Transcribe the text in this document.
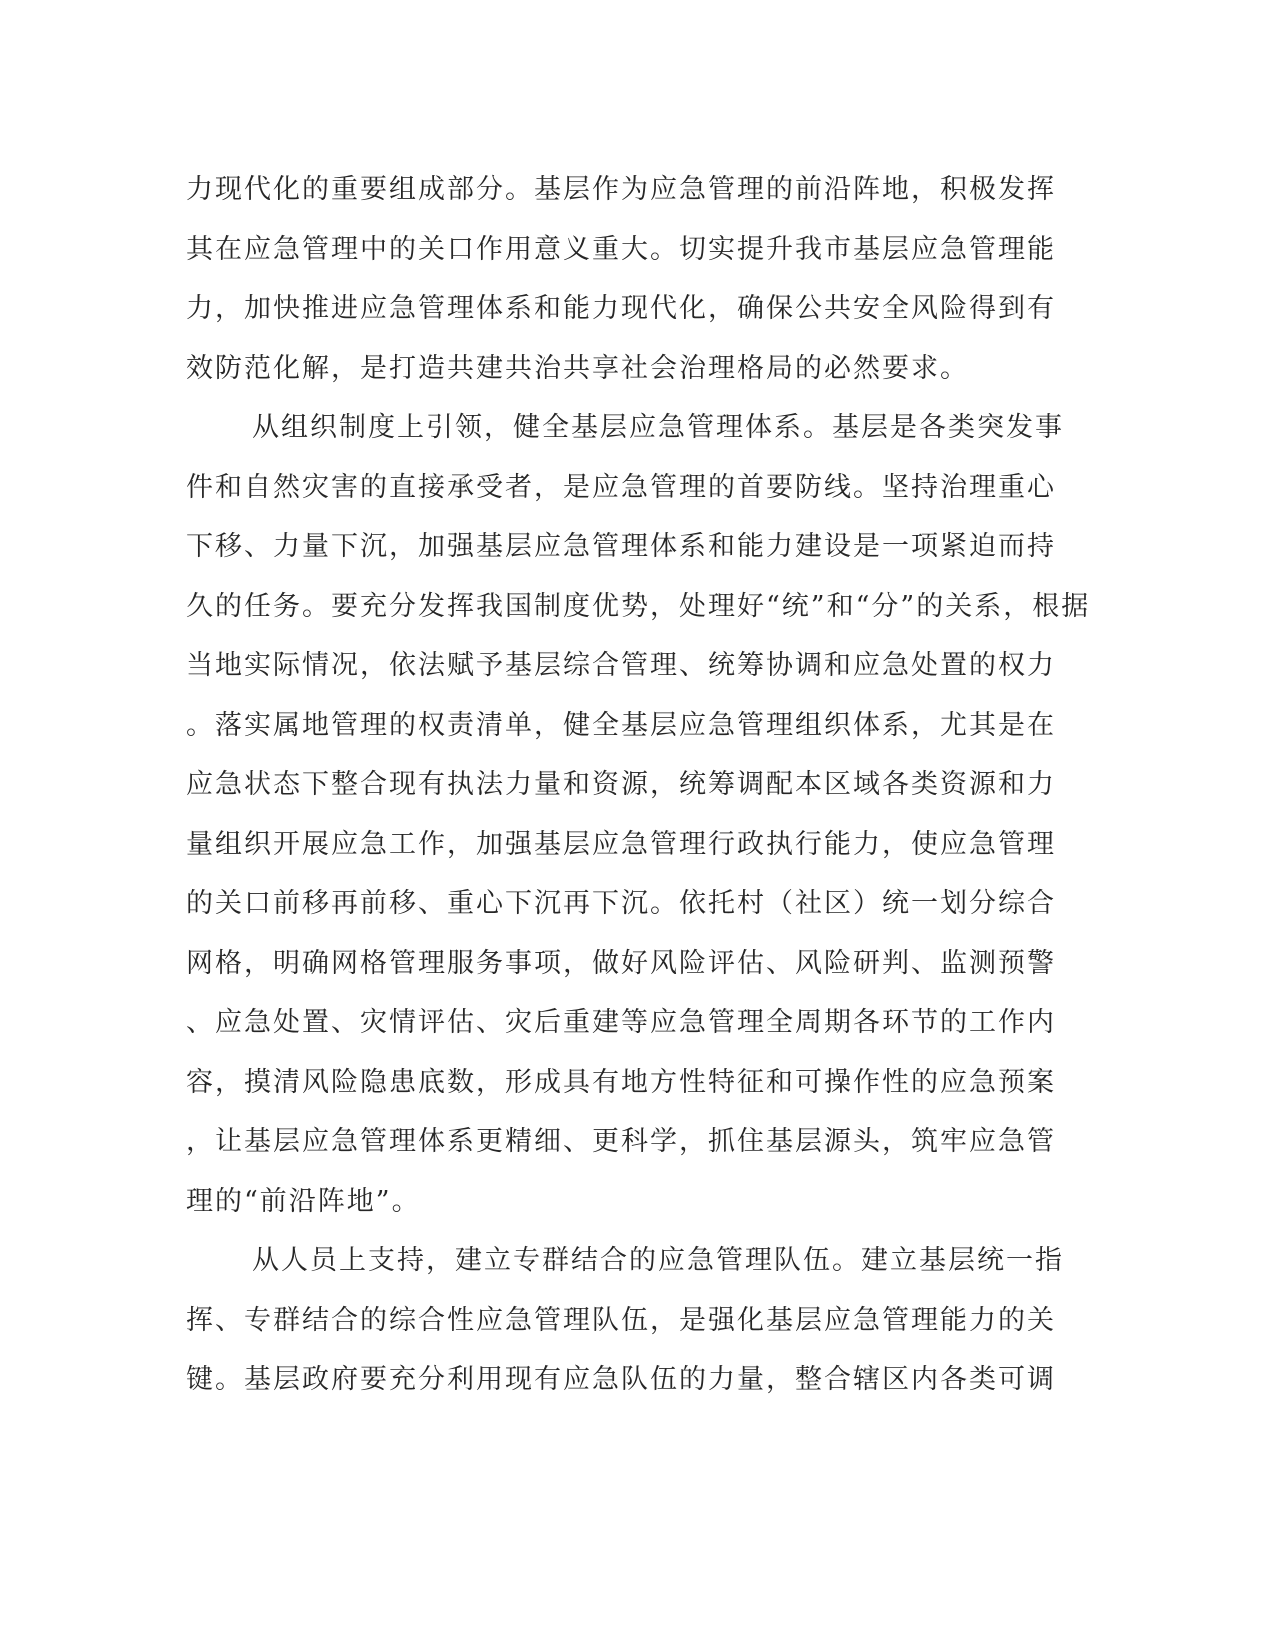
力现代化的重要组成部分。基层作为应急管理的前沿阵地，积极发挥
其在应急管理中的关口作用意义重大。切实提升我市基层应急管理能
力，加快推进应急管理体系和能力现代化，确保公共安全风险得到有
效防范化解，是打造共建共治共享社会治理格局的必然要求。
从组织制度上引领，健全基层应急管理体系。基层是各类突发事
件和自然灾害的直接承受者，是应急管理的首要防线。坚持治理重心
下移、力量下沉，加强基层应急管理体系和能力建设是一项紧迫而持
久的任务。要充分发挥我国制度优势，处理好“统”和“分”的关系，根据
当地实际情况，依法赋予基层综合管理、统筹协调和应急处置的权力
。落实属地管理的权责清单，健全基层应急管理组织体系，尤其是在
应急状态下整合现有执法力量和资源，统筹调配本区域各类资源和力
量组织开展应急工作，加强基层应急管理行政执行能力，使应急管理
的关口前移再前移、重心下沉再下沉。依托村（社区）统一划分综合
网格，明确网格管理服务事项，做好风险评估、风险研判、监测预警
、应急处置、灾情评估、灾后重建等应急管理全周期各环节的工作内
容，摸清风险隐患底数，形成具有地方性特征和可操作性的应急预案
，让基层应急管理体系更精细、更科学，抓住基层源头，筑牢应急管
理的“前沿阵地”。
从人员上支持，建立专群结合的应急管理队伍。建立基层统一指
挥、专群结合的综合性应急管理队伍，是强化基层应急管理能力的关
键。基层政府要充分利用现有应急队伍的力量，整合辖区内各类可调
